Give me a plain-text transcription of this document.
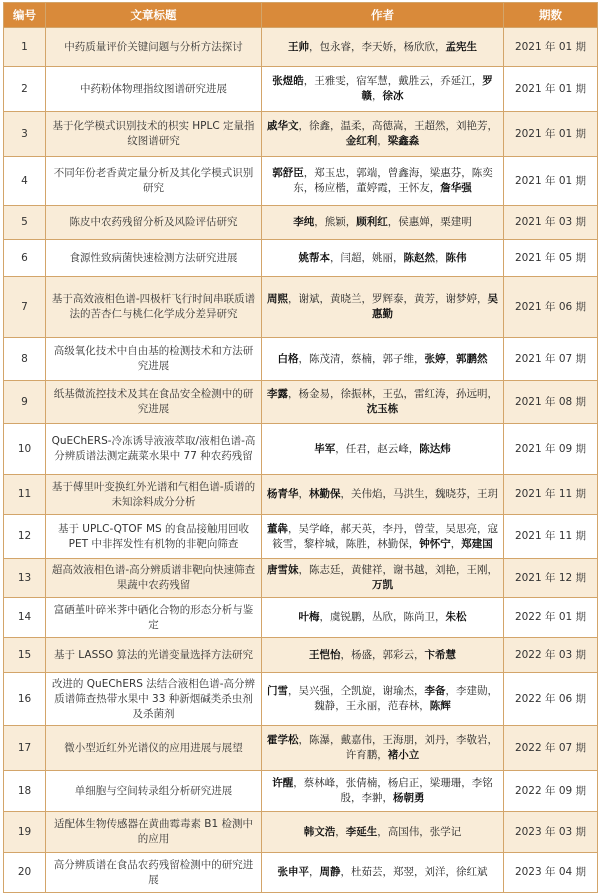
编号	文章标题	作者	期数
1	中药质量评价关键问题与分析方法探讨	王帅，包永睿，李天娇，杨欣欣，孟宪生	2021 年 01 期
2	中药粉体物理指纹图谱研究进展	张煜皓，王雅雯，宿军慧，戴胜云，乔延江，罗赣，徐冰	2021 年 01 期
3	基于化学模式识别技术的枳实 HPLC 定量指纹图谱研究	戚华文，徐鑫，温柔，高德嵩，王超然，刘艳芳，金红利，梁鑫淼	2021 年 01 期
4	不同年份老香黄定量分析及其化学模式识别研究	郭舒臣，郑玉忠，郭端，曾鑫海，梁惠芬，陈奕东，杨应楷，董婷霞，王怀友，詹华强	2021 年 01 期
5	陈皮中农药残留分析及风险评估研究	李纯，熊颖，顾利红，侯惠婵，栗建明	2021 年 03 期
6	食源性致病菌快速检测方法研究进展	姚帮本，闫超，姚丽，陈赵然，陈伟	2021 年 05 期
7	基于高效液相色谱-四极杆飞行时间串联质谱法的苦杏仁与桃仁化学成分差异研究	周熙，谢斌，黄晓兰，罗辉泰，黄芳，谢梦婷，吴惠勤	2021 年 06 期
8	高级氧化技术中自由基的检测技术和方法研究进展	白格，陈茂清，蔡楠，郭子维，张婷，郭鹏然	2021 年 07 期
9	纸基微流控技术及其在食品安全检测中的研究进展	李露，杨金易，徐振林，王弘，雷红涛，孙远明，沈玉栋	2021 年 08 期
10	QuEChERS-冷冻诱导液液萃取/液相色谱-高分辨质谱法测定蔬菜水果中 77 种农药残留	毕军，任君，赵云峰，陈达炜	2021 年 09 期
11	基于傅里叶变换红外光谱和气相色谱-质谱的未知涂料成分分析	杨青华，林勤保，关伟焰，马洪生，魏晓芬，王玥	2021 年 11 期
12	基于 UPLC-QTOF MS 的食品接触用回收 PET 中非挥发性有机物的非靶向筛查	董犇，吴学峰，郝天英，李丹，曾莹，吴思亮，寇筱雪，黎梓城，陈胜，林勤保，钟怀宁，郑建国	2021 年 11 期
13	超高效液相色谱-高分辨质谱非靶向快速筛查果蔬中农药残留	唐雪妹，陈志廷，黄健祥，谢书越，刘艳，王刚，万凯	2021 年 12 期
14	富硒堇叶碎米荠中硒化合物的形态分析与鉴定	叶梅，虞锐鹏，丛欣，陈尚卫，朱松	2022 年 01 期
15	基于 LASSO 算法的光谱变量选择方法研究	王恺怡，杨盛，郭彩云，卞希慧	2022 年 03 期
16	改进的 QuEChERS 法结合液相色谱-高分辨质谱筛查热带水果中 33 种新烟碱类杀虫剂及杀菌剂	门雪，吴兴强，仝凯旋，谢瑜杰，李备，李建勋，魏静，王永丽，范春林，陈辉	2022 年 06 期
17	微小型近红外光谱仪的应用进展与展望	霍学松，陈瀑，戴嘉伟，王海朋，刘丹，李敬岩，许育鹏，褚小立	2022 年 07 期
18	单细胞与空间转录组分析研究进展	许醒，蔡林峰，张倩楠，杨启正，梁珊珊，李铭殷，李翀，杨朝勇	2022 年 09 期
19	适配体生物传感器在黄曲霉毒素 B1 检测中的应用	韩文浩，李延生，高国伟，张学记	2023 年 03 期
20	高分辨质谱在食品农药残留检测中的研究进展	张申平，周静，杜茹芸，郑翌，刘洋，徐红斌	2023 年 04 期
